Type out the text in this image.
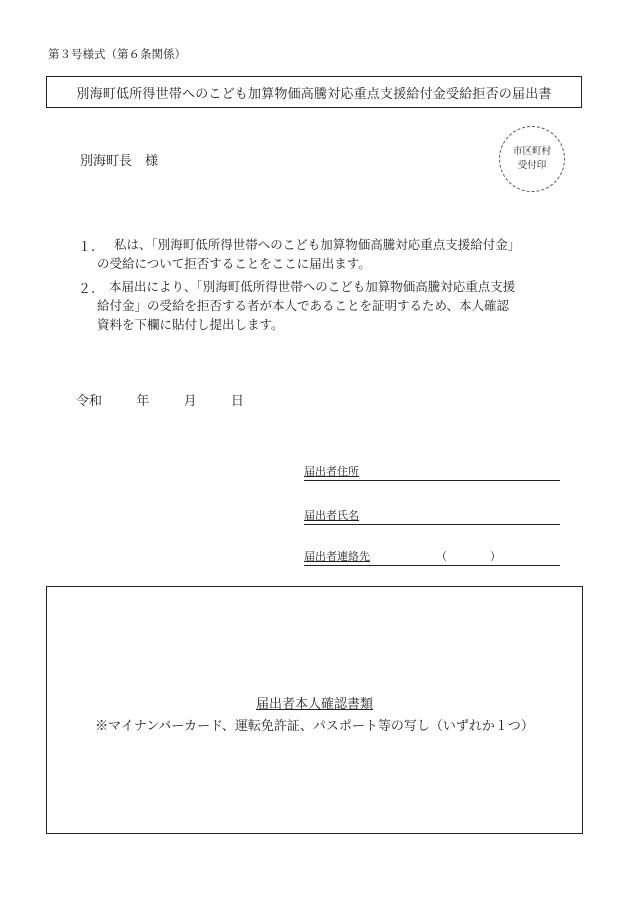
第３号様式（第６条関係）
別海町低所得世帯へのこども加算物価高騰対応重点支援給付金受給拒否の届出書
別海町長　様
市区町村
受付印
１. 私は、「別海町低所得世帯へのこども加算物価高騰対応重点支援給付金」
の受給について拒否することをここに届出ます。
２. 本届出により、「別海町低所得世帯へのこども加算物価高騰対応重点支援
給付金」の受給を拒否する者が本人であることを証明するため、本人確認
資料を下欄に貼付し提出します。
令和	年	月	日
届出者住所
届出者氏名
届出者連絡先	（	）
届出者本人確認書類
※マイナンバーカード、運転免許証、パスポート等の写し（いずれか１つ）
